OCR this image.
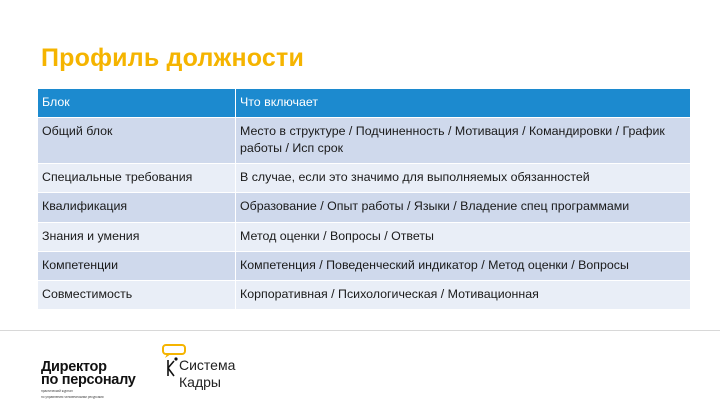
Профиль должности
Блок	Что включает
Общий блок	Место в структуре / Подчиненность / Мотивация / Командировки / График работы / Исп срок
Специальные требования	В случае, если это значимо для выполняемых обязанностей
Квалификация	Образование / Опыт работы / Языки / Владение спец программами
Знания и умения	Метод оценки / Вопросы / Ответы
Компетенции	Компетенция / Поведенческий индикатор / Метод оценки / Вопросы
Совместимость	Корпоративная / Психологическая / Мотивационная
Директор
по персоналу
практический журнал
по управлению человеческими ресурсами
Система
Кадры
